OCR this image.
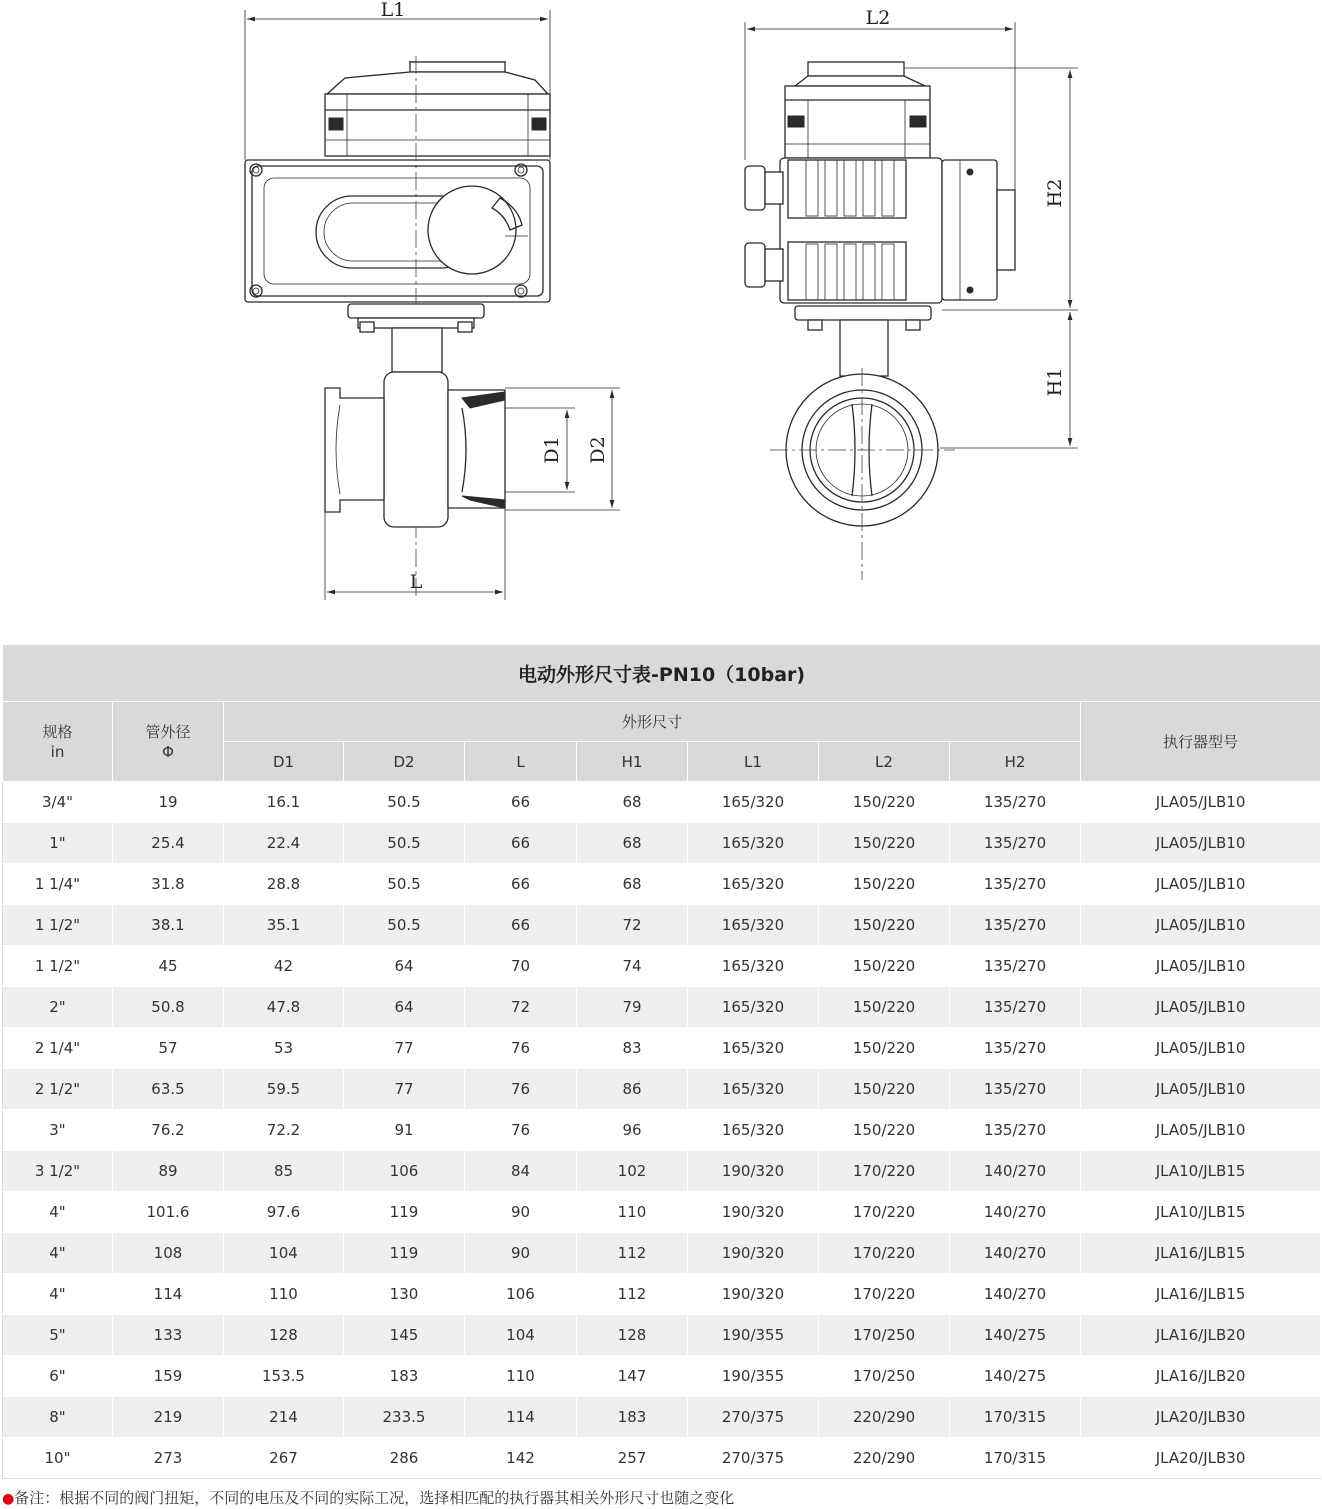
L1
D1 D2
L
L2
H2
H1
电动外形尺寸表-PN10（10bar)									

规格
in	管外径
Φ	外形尺寸							执行器型号
		D1	D2	L	H1	L1	L2	H2	
3/4"	19	16.1	50.5	66	68	165/320	150/220	135/270	JLA05/JLB10
1"	25.4	22.4	50.5	66	68	165/320	150/220	135/270	JLA05/JLB10
1 1/4"	31.8	28.8	50.5	66	68	165/320	150/220	135/270	JLA05/JLB10
1 1/2"	38.1	35.1	50.5	66	72	165/320	150/220	135/270	JLA05/JLB10
1 1/2"	45	42	64	70	74	165/320	150/220	135/270	JLA05/JLB10
2"	50.8	47.8	64	72	79	165/320	150/220	135/270	JLA05/JLB10
2 1/4"	57	53	77	76	83	165/320	150/220	135/270	JLA05/JLB10
2 1/2"	63.5	59.5	77	76	86	165/320	150/220	135/270	JLA05/JLB10
3"	76.2	72.2	91	76	96	165/320	150/220	135/270	JLA05/JLB10
3 1/2"	89	85	106	84	102	190/320	170/220	140/270	JLA10/JLB15
4"	101.6	97.6	119	90	110	190/320	170/220	140/270	JLA10/JLB15
4"	108	104	119	90	112	190/320	170/220	140/270	JLA16/JLB15
4"	114	110	130	106	112	190/320	170/220	140/270	JLA16/JLB15
5"	133	128	145	104	128	190/355	170/250	140/275	JLA16/JLB20
6"	159	153.5	183	110	147	190/355	170/250	140/275	JLA16/JLB20
8"	219	214	233.5	114	183	270/375	220/290	170/315	JLA20/JLB30
10"	273	267	286	142	257	270/375	220/290	170/315	JLA20/JLB30
●备注：根据不同的阀门扭矩，不同的电压及不同的实际工况，选择相匹配的执行器其相关外形尺寸也随之变化
